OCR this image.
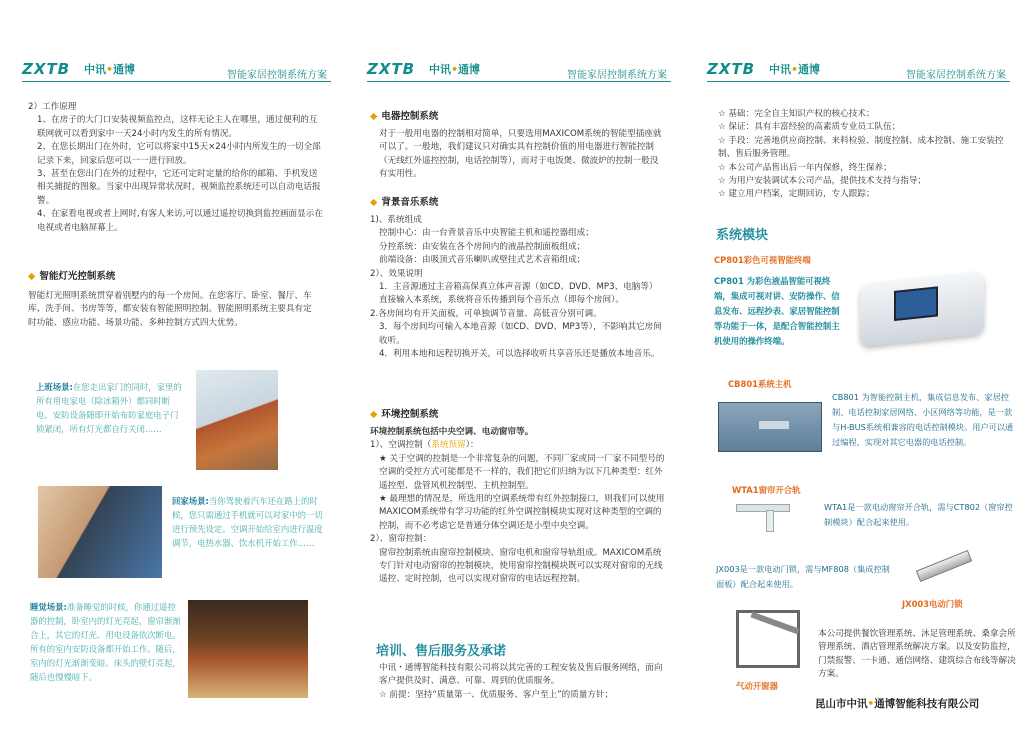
ZXTB 中讯•通博	智能家居控制系统方案
2）工作原理
1、在房子的大门口安装视频监控点，这样无论主人在哪里，通过便利的互联网就可以看到家中一天24小时内发生的所有情况。
2、在您长期出门在外时，它可以将家中15天×24小时内所发生的一切全部记录下来，回家后您可以一一进行回放。
3、甚至在您出门在外的过程中，它还可定时定量的给你的邮箱、手机发送相关捕捉的图象。当家中出现异常状况时，视频监控系统还可以自动电话报警。
4、在家看电视或者上网时,有客人来访,可以通过遥控切换到监控画面显示在电视或者电脑屏幕上。
◆ 智能灯光控制系统
智能灯光照明系统贯穿着别墅内的每一个房间。在您客厅、卧室、餐厅、车库、洗手间、书房等等，都安装有智能照明控制。智能照明系统主要具有定时功能、感应功能、场景功能、多种控制方式四大优势。
上班场景:在您走出家门的同时，家里的所有用电家电（除冰箱外）都同时断电，安防设备随即开始布防家庭电子门锁紧闭，所有灯光都自行关闭……
回家场景:当你驾驶着汽车还在路上的时候，您只需通过手机就可以对家中的一切进行预先设定。空调开始给室内进行温度调节，电热水器、饮水机开始工作……
睡觉场景:准备睡觉的时候，你通过遥控器的控制，卧室内的灯光亮起，窗帘渐渐合上，其它的灯光、用电设备依次断电。所有的室内安防设备都开始工作。随后，室内的灯光渐渐变暗。床头的壁灯亮起，随后也慢慢暗下。
ZXTB 中讯•通博	智能家居控制系统方案
◆ 电器控制系统
对于一般用电器的控制相对简单，只要选用MAXICOM系统的智能型插座就可以了。一般地，我们建议只对确实具有控制价值的用电器进行智能控制（无线红外遥控控制，电话控制等），而对于电饭煲、微波炉的控制一般没有实用性。
◆ 背景音乐系统
1)、系统组成
控制中心：由一台背景音乐中央智能主机和遥控器组成；
分控系统：由安装在各个房间内的液晶控制面板组成；
前端设备：由吸顶式音乐喇叭或壁挂式艺术音箱组成；
2）、效果说明
1．主音源通过主音箱高保真立体声音源（如CD、DVD、MP3、电脑等）直接输入本系统，系统将音乐传播到每个音乐点（即每个房间）。
2.各房间均有开关面板，可单独调节音量、高低音分别可调。
3．每个房间均可输入本地音源（如CD、DVD、MP3等），不影响其它房间收听。
4．利用本地和远程切换开关，可以选择收听共享音乐还是播放本地音乐。
◆ 环境控制系统
环境控制系统包括中央空调、电动窗帘等。
1）、空调控制（系统预留）：
★ 关于空调的控制是一个非常复杂的问题，不同厂家或同一厂家不同型号的空调的受控方式可能都是不一样的，我们把它们归纳为以下几种类型：红外遥控型、盘管风机控制型、主机控制型。
★ 最理想的情况是，所选用的空调系统带有红外控制接口，则我们可以使用MAXICOM系统带有学习功能的红外空调控制模块实现对这种类型的空调的控制，而不必考虑它是普通分体空调还是小型中央空调。
2）、窗帘控制：
窗帘控制系统由窗帘控制模块、窗帘电机和窗帘导轨组成。MAXICOM系统专门针对电动窗帘的控制模块，使用窗帘控制模块既可以实现对窗帘的无线遥控、定时控制，也可以实现对窗帘的电话远程控制。
培训、售后服务及承诺
中讯・通博智能科技有限公司将以其完善的工程安装及售后服务网络，面向客户提供及时、满意、可靠、周到的优质服务。
☆ 前提：坚持“质量第一、优质服务、客户至上”的质量方针；
ZXTB 中讯•通博	智能家居控制系统方案
☆ 基础：完全自主知识产权的核心技术；
☆ 保证：具有丰富经验的高素质专业员工队伍；
☆ 手段：完善地供应商控制、来料检验、制度控制、成本控制、施工安装控制、售后服务管理。
☆ 本公司产品售出后一年内保修，终生保养；
☆ 为用户安装调试本公司产品，提供技术支持与指导；
☆ 建立用户档案，定期回访，专人跟踪；
系统模块
CP801彩色可视智能终端
CP801 为彩色液晶智能可视终端，集成可视对讲、安防操作、信息发布、远程抄表、家居智能控制等功能于一体，是配合智能控制主机使用的操作终端。
CB801系统主机
CB801 为智能控制主机，集成信息发布、家居控制、电话控制家居网络、小区网络等功能，是一款与H-BUS系统相兼容的电话控制模块。用户可以通过编程，实现对其它电器的电话控制。
WTA1窗帘开合轨
WTA1是一款电动窗帘开合轨，需与CT802（窗帘控制模块）配合起来使用。
JX003是一款电动门锁，需与MF808（集成控制面板）配合起来使用。
JX003电动门锁
气动开窗器
本公司提供餐饮管理系统、沐足管理系统、桑拿会所管理系统、酒店管理系统解决方案。以及安防监控，门禁报警、一卡通、通信网络、建筑综合布线等解决方案。
昆山市中讯•通博智能科技有限公司
